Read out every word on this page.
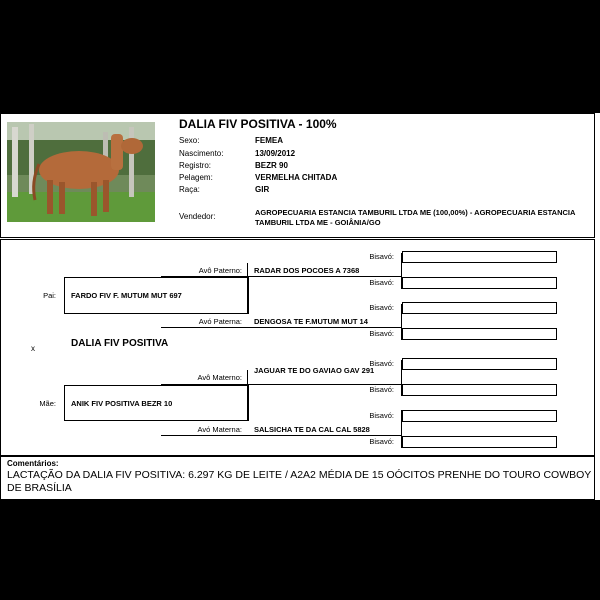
DALIA FIV POSITIVA - 100%
Sexo:	FEMEA
Nascimento:	13/09/2012
Registro:	BEZR 90
Pelagem:	VERMELHA CHITADA
Raça:	GIR
Vendedor:	AGROPECUARIA ESTANCIA TAMBURIL LTDA ME (100,00%) - AGROPECUARIA ESTANCIA TAMBURIL LTDA ME - GOIÂNIA/GO
Bisavó:
Bisavó:
Bisavó:
Bisavó:
Bisavó:
Bisavó:
Bisavó:
Bisavó:
Avô Paterno: RADAR DOS POCOES A 7368
Avó Paterna: DENGOSA TE F.MUTUM MUT 14
Avô Materno:
JAGUAR TE DO GAVIAO GAV 291
Avó Materna: SALSICHA TE DA CAL CAL 5828
Pai: FARDO FIV F. MUTUM MUT 697
Mãe: ANIK FIV POSITIVA BEZR 10
x	DALIA FIV POSITIVA
Comentários:
LACTAÇÃO DA DALIA FIV POSITIVA: 6.297 KG DE LEITE / A2A2 MÉDIA DE 15 OÓCITOS PRENHE DO TOURO COWBOY DE BRASÍLIA
